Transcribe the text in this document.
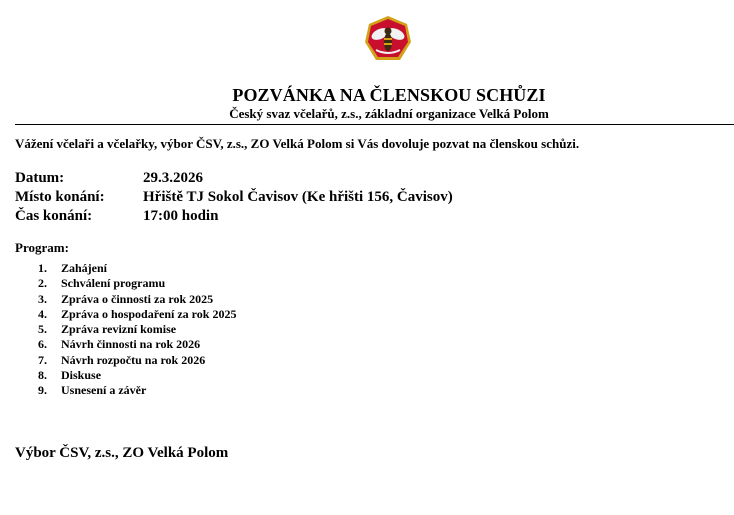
POZVÁNKA NA ČLENSKOU SCHŮZI
Český svaz včelařů, z.s., základní organizace Velká Polom
Vážení včelaři a včelařky, výbor ČSV, z.s., ZO Velká Polom si Vás dovoluje pozvat na členskou schůzi.
Datum:	29.3.2026
Místo konání:	Hřiště TJ Sokol Čavisov (Ke hřišti 156, Čavisov)
Čas konání:	17:00 hodin
Program:
1.	Zahájení
2.	Schválení programu
3.	Zpráva o činnosti za rok 2025
4.	Zpráva o hospodaření za rok 2025
5.	Zpráva revizní komise
6.	Návrh činnosti na rok 2026
7.	Návrh rozpočtu na rok 2026
8.	Diskuse
9.	Usnesení a závěr
Výbor ČSV, z.s., ZO Velká Polom
